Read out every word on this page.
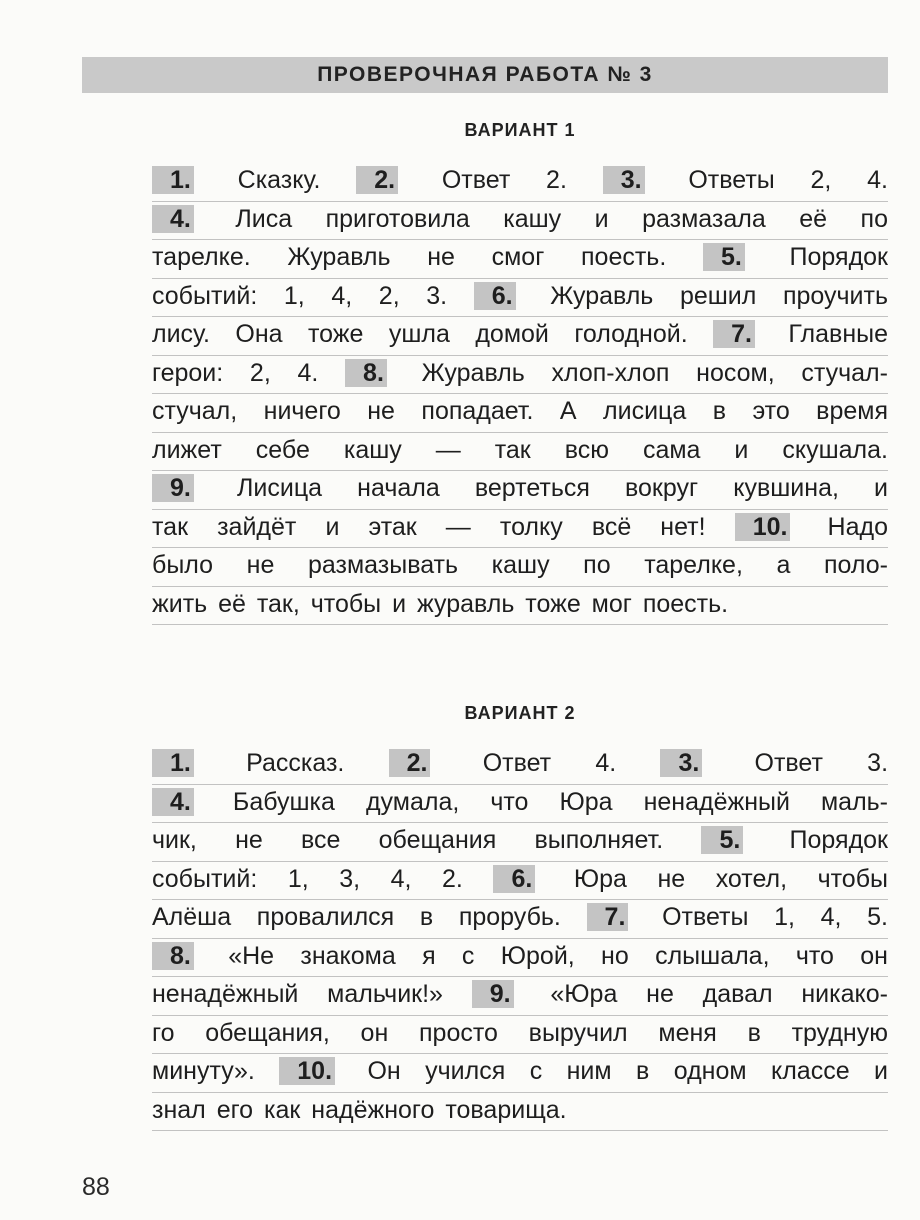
ПРОВЕРОЧНАЯ РАБОТА № 3
ВАРИАНТ 1
1. Сказку. 2. Ответ 2. 3. Ответы 2, 4.
4. Лиса приготовила кашу и размазала её по
тарелке. Журавль не смог поесть. 5. Порядок
событий: 1, 4, 2, 3. 6. Журавль решил проучить
лису. Она тоже ушла домой голодной. 7. Главные
герои: 2, 4. 8. Журавль хлоп-хлоп носом, стучал-
стучал, ничего не попадает. А лисица в это время
лижет себе кашу — так всю сама и скушала.
9. Лисица начала вертеться вокруг кувшина, и
так зайдёт и этак — толку всё нет! 10. Надо
было не размазывать кашу по тарелке, а поло-
жить её так, чтобы и журавль тоже мог поесть.
ВАРИАНТ 2
1. Рассказ. 2. Ответ 4. 3. Ответ 3.
4. Бабушка думала, что Юра ненадёжный маль-
чик, не все обещания выполняет. 5. Порядок
событий: 1, 3, 4, 2. 6. Юра не хотел, чтобы
Алёша провалился в прорубь. 7. Ответы 1, 4, 5.
8. «Не знакома я с Юрой, но слышала, что он
ненадёжный мальчик!» 9. «Юра не давал никако-
го обещания, он просто выручил меня в трудную
минуту». 10. Он учился с ним в одном классе и
знал его как надёжного товарища.
88
